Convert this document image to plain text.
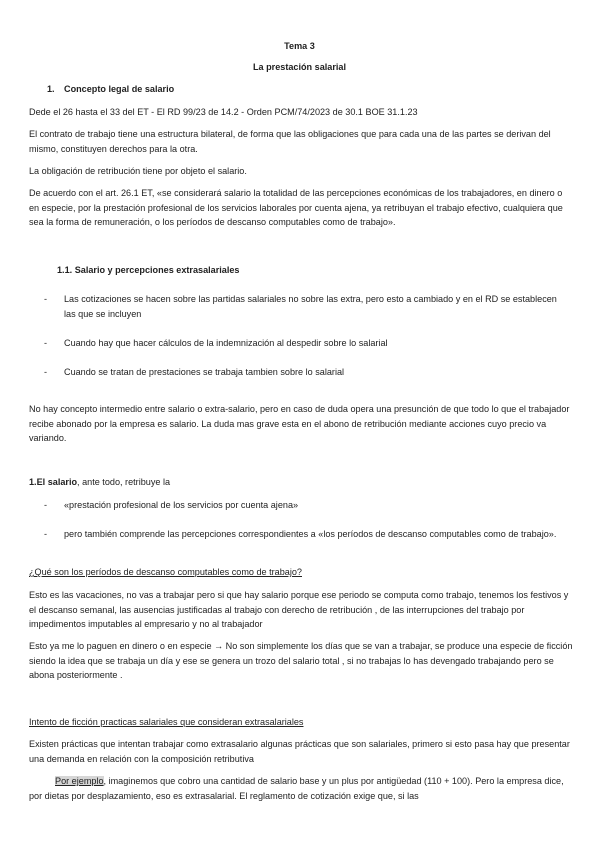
Tema 3
La prestación salarial
1. Concepto legal de salario
Dede el 26 hasta el 33 del ET - El RD 99/23 de 14.2 - Orden PCM/74/2023 de 30.1 BOE 31.1.23
El contrato de trabajo tiene una estructura bilateral, de forma que las obligaciones que para cada una de las partes se derivan del mismo, constituyen derechos para la otra.
La obligación de retribución tiene por objeto el salario.
De acuerdo con el art. 26.1 ET, «se considerará salario la totalidad de las percepciones económicas de los trabajadores, en dinero o en especie, por la prestación profesional de los servicios laborales por cuenta ajena, ya retribuyan el trabajo efectivo, cualquiera que sea la forma de remuneración, o los períodos de descanso computables como de trabajo».
1.1. Salario y percepciones extrasalariales
- Las cotizaciones se hacen sobre las partidas salariales no sobre las extra, pero esto a cambiado y en el RD se establecen las que se incluyen
- Cuando hay que hacer cálculos de la indemnización al despedir sobre lo salarial
- Cuando se tratan de prestaciones se trabaja tambien sobre lo salarial
No hay concepto intermedio entre salario o extra-salario, pero en caso de duda opera una presunción de que todo lo que el trabajador recibe abonado por la empresa es salario. La duda mas grave esta en el abono de retribución mediante acciones cuyo precio va variando.
1.El salario, ante todo, retribuye la
- «prestación profesional de los servicios por cuenta ajena»
- pero también comprende las percepciones correspondientes a «los períodos de descanso computables como de trabajo».
¿Qué son los períodos de descanso computables como de trabajo?
Esto es las vacaciones, no vas a trabajar pero si que hay salario porque ese periodo se computa como trabajo, tenemos los festivos y el descanso semanal, las ausencias justificadas al trabajo con derecho de retribución , de las interrupciones del trabajo por impedimentos imputables al empresario y no al trabajador
Esto ya me lo paguen en dinero o en especie → No son simplemente los días que se van a trabajar, se produce una especie de ficción siendo la idea que se trabaja un día y ese se genera un trozo del salario total , si no trabajas lo has devengado trabajando pero se abona posteriormente .
Intento de ficción practicas salariales que consideran extrasalariales
Existen prácticas que intentan trabajar como extrasalario algunas prácticas que son salariales, primero si esto pasa hay que presentar una demanda en relación con la composición retributiva
Por ejemplo, imaginemos que cobro una cantidad de salario base y un plus por antigüedad (110 + 100). Pero la empresa dice, por dietas por desplazamiento, eso es extrasalarial. El reglamento de cotización exige que, si las
